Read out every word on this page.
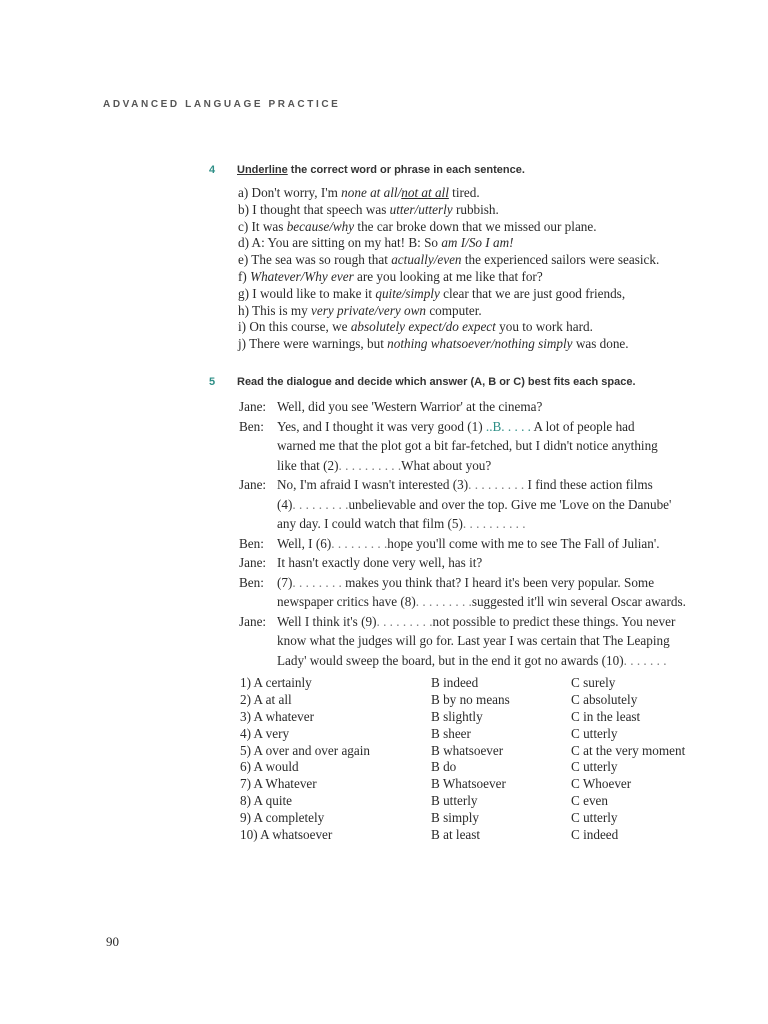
ADVANCED LANGUAGE PRACTICE
4 Underline the correct word or phrase in each sentence.
a) Don't worry, I'm none at all/not at all tired.
b) I thought that speech was utter/utterly rubbish.
c) It was because/why the car broke down that we missed our plane.
d) A: You are sitting on my hat! B: So am I/So I am!
e) The sea was so rough that actually/even the experienced sailors were seasick.
f) Whatever/Why ever are you looking at me like that for?
g) I would like to make it quite/simply clear that we are just good friends,
h) This is my very private/very own computer.
i) On this course, we absolutely expect/do expect you to work hard.
j) There were warnings, but nothing whatsoever/nothing simply was done.
5 Read the dialogue and decide which answer (A, B or C) best fits each space.
Jane: Well, did you see 'Western Warrior' at the cinema?
Ben: Yes, and I thought it was very good (1) ..B. . . . . A lot of people had
warned me that the plot got a bit far-fetched, but I didn't notice anything
like that (2). . . . . . . . . .What about you?
Jane: No, I'm afraid I wasn't interested (3). . . . . . . . . I find these action films
(4). . . . . . . . .unbelievable and over the top. Give me 'Love on the Danube'
any day. I could watch that film (5). . . . . . . . . .
Ben: Well, I (6). . . . . . . . .hope you'll come with me to see The Fall of Julian'.
Jane: It hasn't exactly done very well, has it?
Ben: (7). . . . . . . . makes you think that? I heard it's been very popular. Some
newspaper critics have (8). . . . . . . . .suggested it'll win several Oscar awards.
Jane: Well I think it's (9). . . . . . . . .not possible to predict these things. You never
know what the judges will go for. Last year I was certain that The Leaping
Lady' would sweep the board, but in the end it got no awards (10). . . . . . .
1) A certainly	B indeed	C surely
2) A at all	B by no means	C absolutely
3) A whatever	B slightly	C in the least
4) A very	B sheer	C utterly
5) A over and over again	B whatsoever	C at the very moment
6) A would	B do	C utterly
7) A Whatever	B Whatsoever	C Whoever
8) A quite	B utterly	C even
9) A completely	B simply	C utterly
10) A whatsoever	B at least	C indeed
90
